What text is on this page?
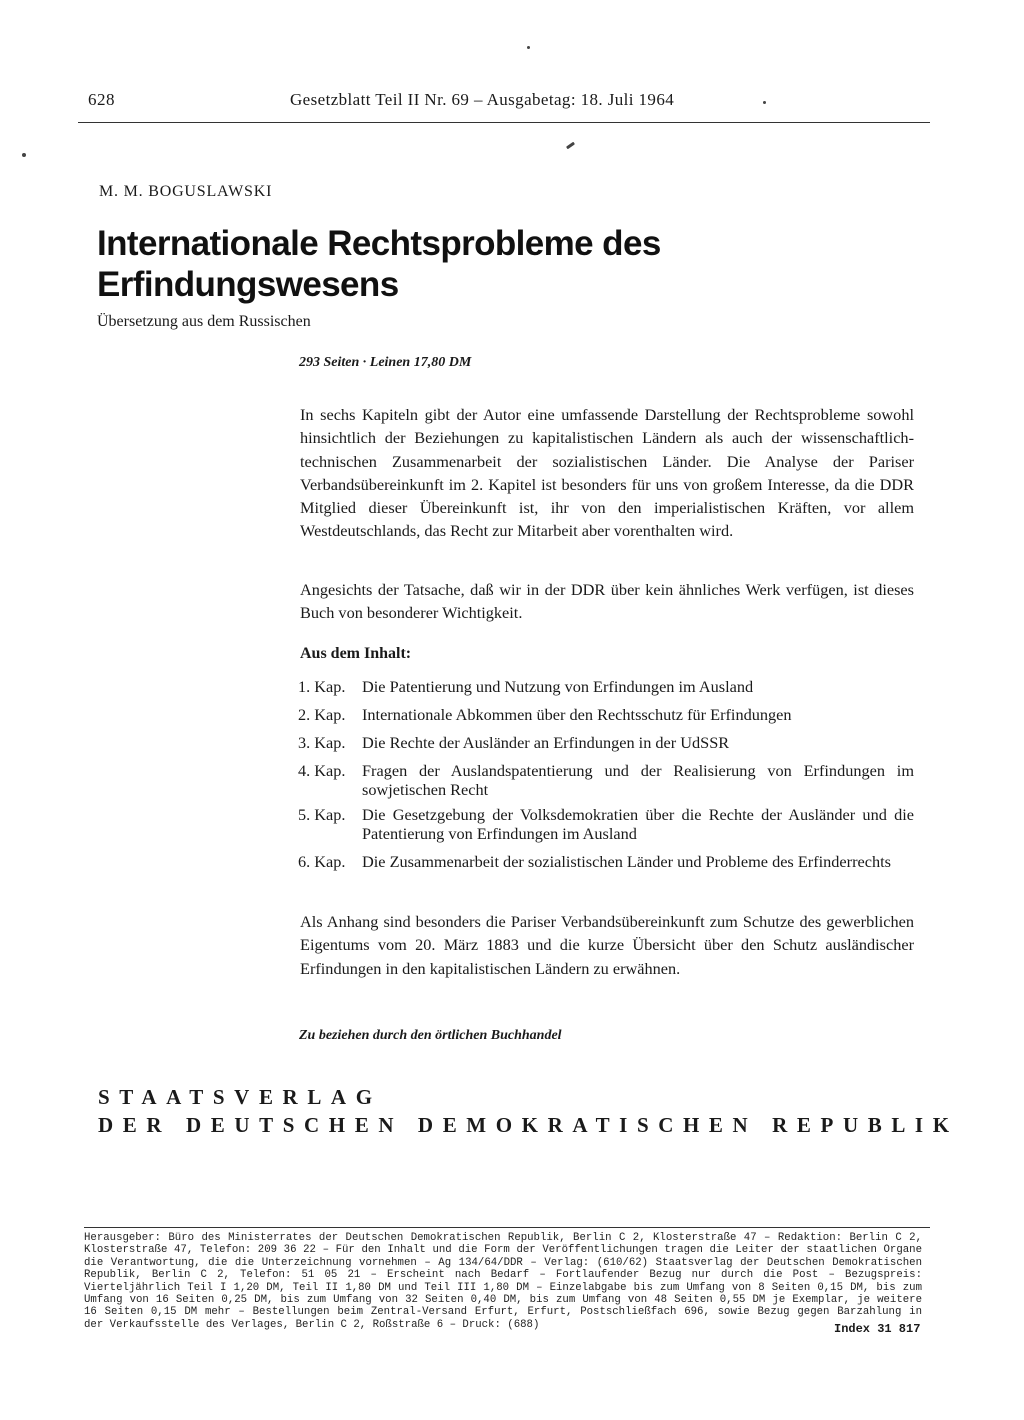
628	Gesetzblatt Teil II Nr. 69 – Ausgabetag: 18. Juli 1964
M. M. BOGUSLAWSKI
Internationale Rechtsprobleme des Erfindungswesens
Übersetzung aus dem Russischen
293 Seiten · Leinen 17,80 DM
In sechs Kapiteln gibt der Autor eine umfassende Darstellung der Rechtsprobleme sowohl hinsichtlich der Beziehungen zu kapitalistischen Ländern als auch der wissenschaftlich-technischen Zusammenarbeit der sozialistischen Länder. Die Analyse der Pariser Verbandsübereinkunft im 2. Kapitel ist besonders für uns von großem Interesse, da die DDR Mitglied dieser Übereinkunft ist, ihr von den imperialistischen Kräften, vor allem Westdeutschlands, das Recht zur Mitarbeit aber vorenthalten wird.
Angesichts der Tatsache, daß wir in der DDR über kein ähnliches Werk verfügen, ist dieses Buch von besonderer Wichtigkeit.
Aus dem Inhalt:
1. Kap.	Die Patentierung und Nutzung von Erfindungen im Ausland
2. Kap.	Internationale Abkommen über den Rechtsschutz für Erfindungen
3. Kap.	Die Rechte der Ausländer an Erfindungen in der UdSSR
4. Kap.	Fragen der Auslandspatentierung und der Realisierung von Erfindungen im sowjetischen Recht
5. Kap.	Die Gesetzgebung der Volksdemokratien über die Rechte der Ausländer und die Patentierung von Erfindungen im Ausland
6. Kap.	Die Zusammenarbeit der sozialistischen Länder und Probleme des Erfinderrechts
Als Anhang sind besonders die Pariser Verbandsübereinkunft zum Schutze des gewerblichen Eigentums vom 20. März 1883 und die kurze Übersicht über den Schutz ausländischer Erfindungen in den kapitalistischen Ländern zu erwähnen.
Zu beziehen durch den örtlichen Buchhandel
STAATSVERLAG
DER DEUTSCHEN DEMOKRATISCHEN REPUBLIK
Herausgeber: Büro des Ministerrates der Deutschen Demokratischen Republik, Berlin C 2, Klosterstraße 47 – Redaktion: Berlin C 2, Klosterstraße 47, Telefon: 209 36 22 – Für den Inhalt und die Form der Veröffentlichungen tragen die Leiter der staatlichen Organe die Verantwortung, die die Unterzeichnung vornehmen – Ag 134/64/DDR – Verlag: (610/62) Staatsverlag der Deutschen Demokratischen Republik, Berlin C 2, Telefon: 51 05 21 – Erscheint nach Bedarf – Fortlaufender Bezug nur durch die Post – Bezugspreis: Vierteljährlich Teil I 1,20 DM, Teil II 1,80 DM und Teil III 1,80 DM – Einzelabgabe bis zum Umfang von 8 Seiten 0,15 DM, bis zum Umfang von 16 Seiten 0,25 DM, bis zum Umfang von 32 Seiten 0,40 DM, bis zum Umfang von 48 Seiten 0,55 DM je Exemplar, je weitere 16 Seiten 0,15 DM mehr – Bestellungen beim Zentral-Versand Erfurt, Erfurt, Postschließfach 696, sowie Bezug gegen Barzahlung in der Verkaufsstelle des Verlages, Berlin C 2, Roßstraße 6 – Druck: (688)	Index 31 817
